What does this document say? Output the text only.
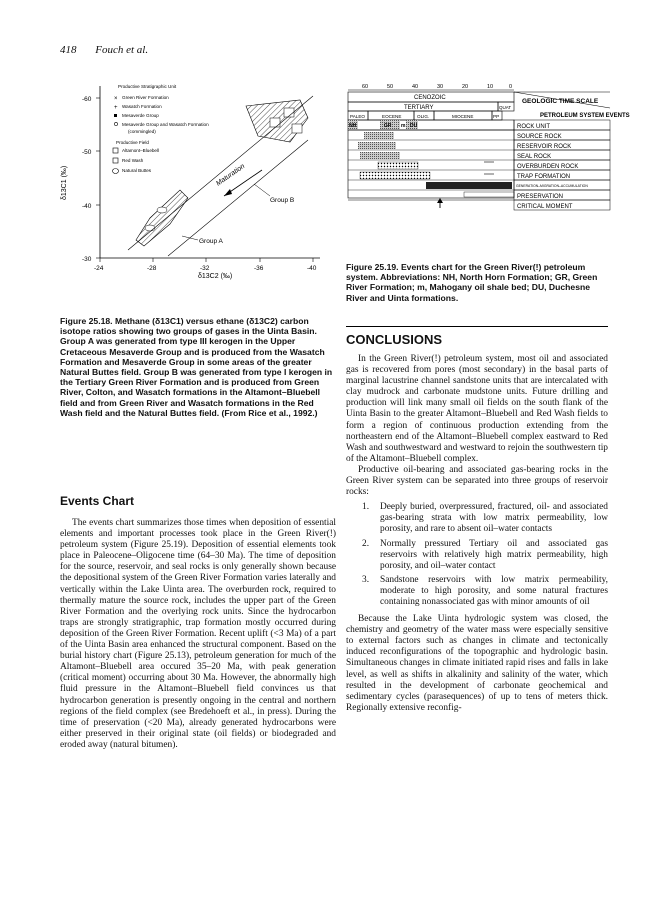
418 Fouch et al.
-60
-50
-40
-30
-24	-28	-32	-36	-40
δ13C1 (‰)
δ13C2 (‰)
Productive Stratigraphic Unit
× Green River Formation
+ Wasatch Formation
Mesaverde Group
Mesaverde Group and Wasatch Formation
(commingled)
Productive Field
Altamont–Bluebell
Red Wash
Natural Buttes	Maturation
Group B
Group A
Figure 25.18. Methane (δ13C1) versus ethane (δ13C2) carbon isotope ratios showing two groups of gases in the Uinta Basin. Group A was generated from type III kerogen in the Upper Cretaceous Mesaverde Group and is produced from the Wasatch Formation and Mesaverde Group in some areas of the greater Natural Buttes field. Group B was generated from type I kerogen in the Tertiary Green River Formation and is produced from Green River, Colton, and Wasatch formations in the Altamont–Bluebell field and from Green River and Wasatch formations in the Red Wash field and the Natural Buttes field. (From Rice et al., 1992.)
Events Chart

The events chart summarizes those times when deposition of essential elements and important processes took place in the Green River(!) petroleum system (Figure 25.19). Deposition of essential elements took place in Paleocene–Oligocene time (64–30 Ma). The time of deposition for the source, reservoir, and seal rocks is only generally shown because the depositional system of the Green River Formation varies laterally and vertically within the Lake Uinta area. The overburden rock, required to thermally mature the source rock, includes the upper part of the Green River Formation and the overlying rock units. Since the hydrocarbon traps are strongly stratigraphic, trap formation mostly occurred during deposition of the Green River Formation. Recent uplift (<3 Ma) of a part of the Uinta Basin area enhanced the structural component. Based on the burial history chart (Figure 25.13), petroleum generation for much of the Altamont–Bluebell area occured 35–20 Ma, with peak generation (critical moment) occurring about 30 Ma. However, the abnormally high fluid pressure in the Altamont–Bluebell field convinces us that hydrocarbon generation is presently ongoing in the central and northern regions of the field complex (see Bredehoeft et al., in press). During the time of preservation (<20 Ma), already generated hydrocarbons were either preserved in their original state (oil fields) or biodegraded and eroded away (natural bitumen).

60	50	40	30	20	10	0
CENOZOIC
TERTIARY	QUAT
PALEO	EOCENE	OLIG.	MIOCENE	PP
NH	GR m DU
GEOLOGIC TIME SCALE
PETROLEUM SYSTEM EVENTS
ROCK UNIT
SOURCE ROCK
RESERVOIR ROCK
SEAL ROCK
OVERBURDEN ROCK
TRAP FORMATION
GENERATION–MIGRATION–ACCUMULATION
PRESERVATION
CRITICAL MOMENT
Figure 25.19. Events chart for the Green River(!) petroleum system. Abbreviations: NH, North Horn Formation; GR, Green River Formation; m, Mahogany oil shale bed; DU, Duchesne River and Uinta formations.
CONCLUSIONS

In the Green River(!) petroleum system, most oil and associated gas is recovered from pores (most secondary) in the basal parts of marginal lacustrine channel sandstone units that are intercalated with clay mudrock and carbonate mudstone units. Future drilling and production will link many small oil fields on the south flank of the Uinta Basin to the greater Altamont–Bluebell and Red Wash fields to form a region of continuous production extending from the northeastern end of the Altamont–Bluebell complex eastward to Red Wash and southwestward and westward to rejoin the southwestern tip of the Altamont–Bluebell complex.

Productive oil-bearing and associated gas-bearing rocks in the Green River system can be separated into three groups of reservoir rocks:

1. Deeply buried, overpressured, fractured, oil- and associated gas-bearing strata with low matrix permeability, low porosity, and rare to absent oil–water contacts
2. Normally pressured Tertiary oil and associated gas reservoirs with relatively high matrix permeability, high porosity, and oil–water contact
3. Sandstone reservoirs with low matrix permeability, moderate to high porosity, and some natural fractures containing nonassociated gas with minor amounts of oil

Because the Lake Uinta hydrologic system was closed, the chemistry and geometry of the water mass were especially sensitive to external factors such as changes in climate and tectonically induced reconfigurations of the topographic and hydrologic basin. Simultaneous changes in climate initiated rapid rises and falls in lake level, as well as shifts in alkalinity and salinity of the water, which resulted in the development of carbonate geochemical and sedimentary cycles (parasequences) of up to tens of meters thick. Regionally extensive reconfig-
